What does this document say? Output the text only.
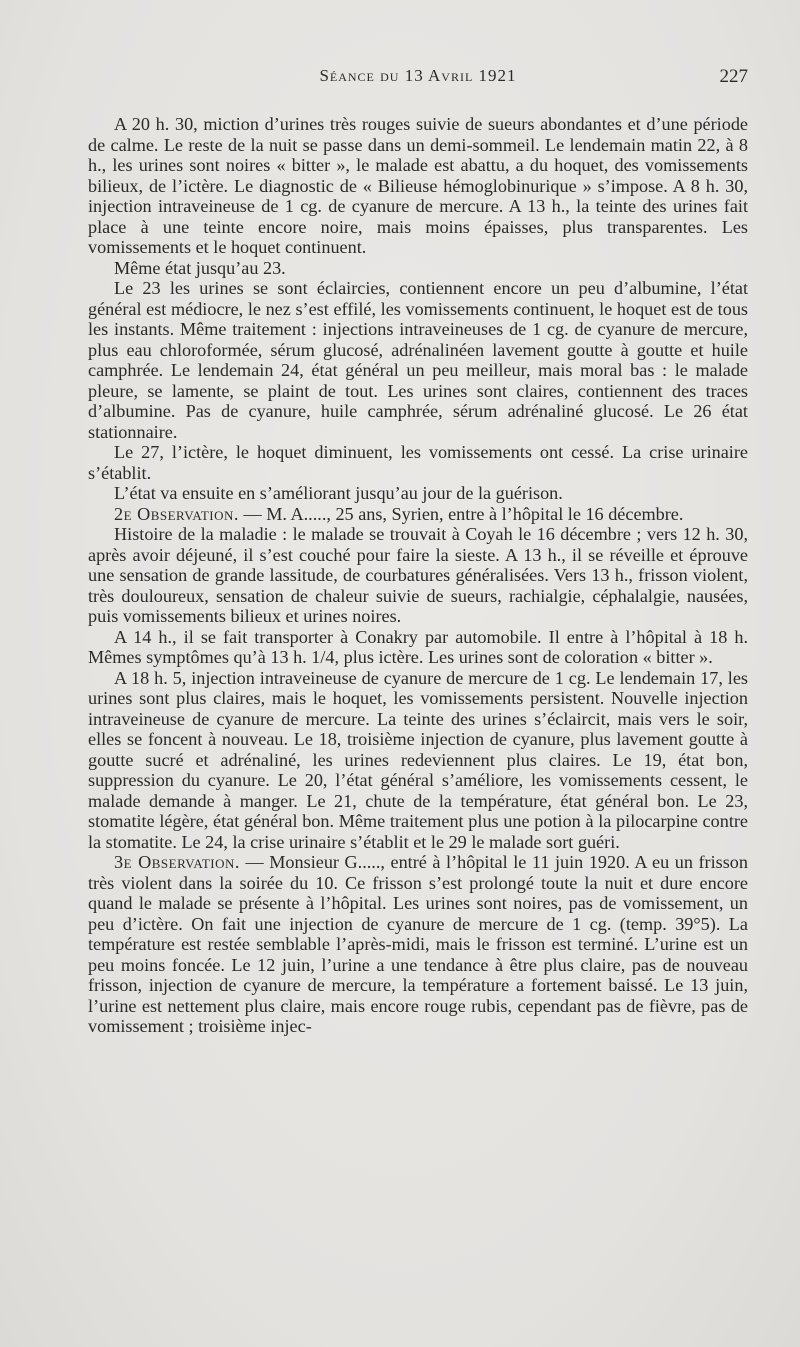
Séance du 13 Avril 1921	227

A 20 h. 30, miction d’urines très rouges suivie de sueurs abondantes et d’une période de calme. Le reste de la nuit se passe dans un demi-sommeil. Le lendemain matin 22, à 8 h., les urines sont noires « bitter », le malade est abattu, a du hoquet, des vomissements bilieux, de l’ictère. Le diagnostic de « Bilieuse hémoglobinurique » s’impose. A 8 h. 30, injection intraveineuse de 1 cg. de cyanure de mercure. A 13 h., la teinte des urines fait place à une teinte encore noire, mais moins épaisses, plus transparentes. Les vomissements et le hoquet continuent.

Même état jusqu’au 23.

Le 23 les urines se sont éclaircies, contiennent encore un peu d’albumine, l’état général est médiocre, le nez s’est effilé, les vomissements continuent, le hoquet est de tous les instants. Même traitement : injections intraveineuses de 1 cg. de cyanure de mercure, plus eau chloroformée, sérum glucosé, adrénalinéen lavement goutte à goutte et huile camphrée. Le lendemain 24, état général un peu meilleur, mais moral bas : le malade pleure, se lamente, se plaint de tout. Les urines sont claires, contiennent des traces d’albumine. Pas de cyanure, huile camphrée, sérum adrénaliné glucosé. Le 26 état stationnaire.

Le 27, l’ictère, le hoquet diminuent, les vomissements ont cessé. La crise urinaire s’établit.

L’état va ensuite en s’améliorant jusqu’au jour de la guérison.

2e Observation. — M. A....., 25 ans, Syrien, entre à l’hôpital le 16 décembre.

Histoire de la maladie : le malade se trouvait à Coyah le 16 décembre ; vers 12 h. 30, après avoir déjeuné, il s’est couché pour faire la sieste. A 13 h., il se réveille et éprouve une sensation de grande lassitude, de courbatures généralisées. Vers 13 h., frisson violent, très douloureux, sensation de chaleur suivie de sueurs, rachialgie, céphalalgie, nausées, puis vomissements bilieux et urines noires.

A 14 h., il se fait transporter à Conakry par automobile. Il entre à l’hôpital à 18 h. Mêmes symptômes qu’à 13 h. 1/4, plus ictère. Les urines sont de coloration « bitter ».

A 18 h. 5, injection intraveineuse de cyanure de mercure de 1 cg. Le lendemain 17, les urines sont plus claires, mais le hoquet, les vomissements persistent. Nouvelle injection intraveineuse de cyanure de mercure. La teinte des urines s’éclaircit, mais vers le soir, elles se foncent à nouveau. Le 18, troisième injection de cyanure, plus lavement goutte à goutte sucré et adrénaliné, les urines redeviennent plus claires. Le 19, état bon, suppression du cyanure. Le 20, l’état général s’améliore, les vomissements cessent, le malade demande à manger. Le 21, chute de la température, état général bon. Le 23, stomatite légère, état général bon. Même traitement plus une potion à la pilocarpine contre la stomatite. Le 24, la crise urinaire s’établit et le 29 le malade sort guéri.

3e Observation. — Monsieur G....., entré à l’hôpital le 11 juin 1920. A eu un frisson très violent dans la soirée du 10. Ce frisson s’est prolongé toute la nuit et dure encore quand le malade se présente à l’hôpital. Les urines sont noires, pas de vomissement, un peu d’ictère. On fait une injection de cyanure de mercure de 1 cg. (temp. 39°5). La température est restée semblable l’après-midi, mais le frisson est terminé. L’urine est un peu moins foncée. Le 12 juin, l’urine a une tendance à être plus claire, pas de nouveau frisson, injection de cyanure de mercure, la température a fortement baissé. Le 13 juin, l’urine est nettement plus claire, mais encore rouge rubis, cependant pas de fièvre, pas de vomissement ; troisième injec-
